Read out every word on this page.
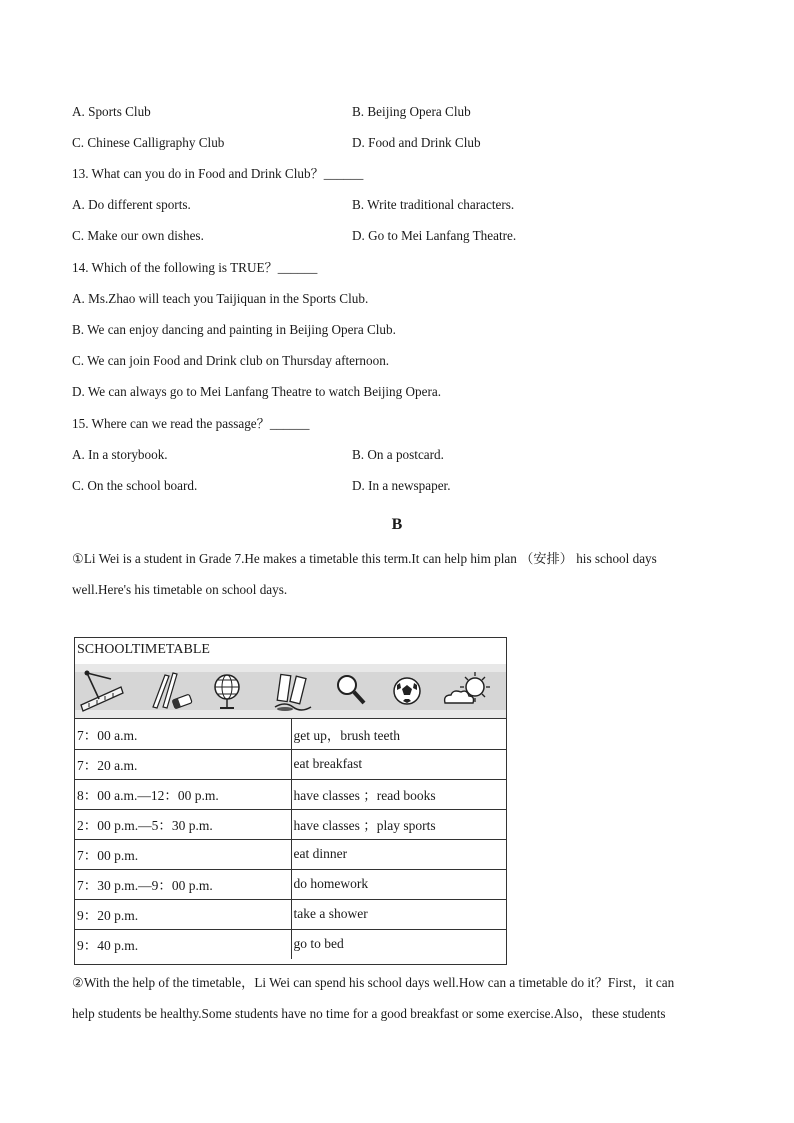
A. Sports Club	B. Beijing Opera Club
C. Chinese Calligraphy Club	D. Food and Drink Club
13. What can you do in Food and Drink Club？______
A. Do different sports.	B. Write traditional characters.
C. Make our own dishes.	D. Go to Mei Lanfang Theatre.
14. Which of the following is TRUE？______
A. Ms.Zhao will teach you Taijiquan in the Sports Club.
B. We can enjoy dancing and painting in Beijing Opera Club.
C. We can join Food and Drink club on Thursday afternoon.
D. We can always go to Mei Lanfang Theatre to watch Beijing Opera.
15. Where can we read the passage？______
A. In a storybook.	B. On a postcard.
C. On the school board.	D. In a newspaper.
B
①Li Wei is a student in Grade 7.He makes a timetable this term.It can help him plan （安排） his school days
well.Here's his timetable on school days.
SCHOOLTIMETABLE
7：00 a.m.	get up，brush teeth
7：20 a.m.	eat breakfast
8：00 a.m.—12：00 p.m.	have classes ；read books
2：00 p.m.—5：30 p.m.	have classes ；play sports
7：00 p.m.	eat dinner
7：30 p.m.—9：00 p.m.	do homework
9：20 p.m.	take a shower
9：40 p.m.	go to bed
②With the help of the timetable，Li Wei can spend his school days well.How can a timetable do it？First，it can
help students be healthy.Some students have no time for a good breakfast or some exercise.Also，these students
